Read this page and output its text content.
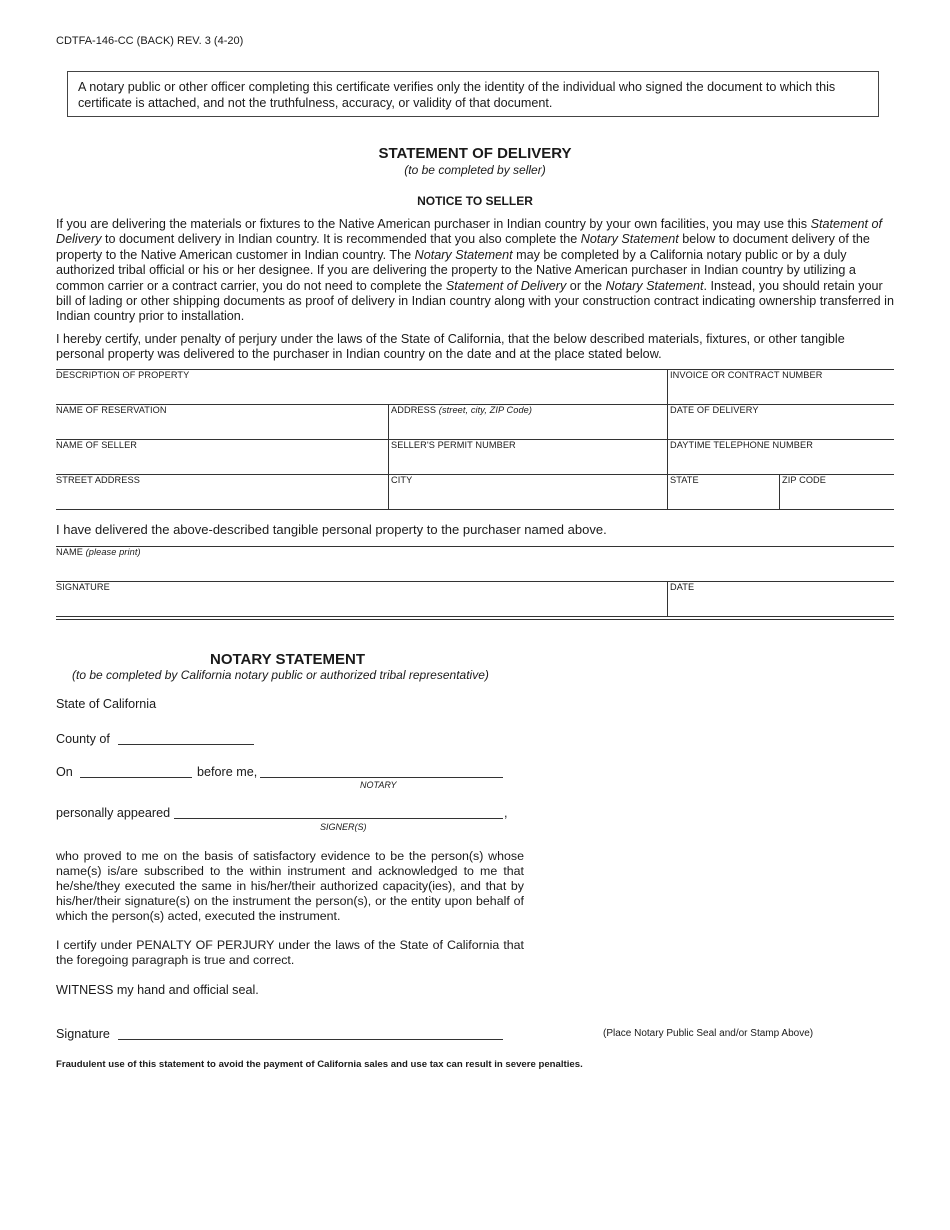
CDTFA-146-CC (BACK) REV. 3 (4-20)
A notary public or other officer completing this certificate verifies only the identity of the individual who signed the document to which this certificate is attached, and not the truthfulness, accuracy, or validity of that document.
STATEMENT OF DELIVERY
(to be completed by seller)
NOTICE TO SELLER
If you are delivering the materials or fixtures to the Native American purchaser in Indian country by your own facilities, you may use this Statement of Delivery to document delivery in Indian country. It is recommended that you also complete the Notary Statement below to document delivery of the property to the Native American customer in Indian country. The Notary Statement may be completed by a California notary public or by a duly authorized tribal official or his or her designee. If you are delivering the property to the Native American purchaser in Indian country by utilizing a common carrier or a contract carrier, you do not need to complete the Statement of Delivery or the Notary Statement. Instead, you should retain your bill of lading or other shipping documents as proof of delivery in Indian country along with your construction contract indicating ownership transferred in Indian country prior to installation.
I hereby certify, under penalty of perjury under the laws of the State of California, that the below described materials, fixtures, or other tangible personal property was delivered to the purchaser in Indian country on the date and at the place stated below.
DESCRIPTION OF PROPERTY	INVOICE OR CONTRACT NUMBER
NAME OF RESERVATION	ADDRESS (street, city, ZIP Code)	DATE OF DELIVERY
NAME OF SELLER	SELLER'S PERMIT NUMBER	DAYTIME TELEPHONE NUMBER
STREET ADDRESS	CITY	STATE	ZIP CODE
I have delivered the above-described tangible personal property to the purchaser named above.
NAME (please print)
SIGNATURE	DATE
NOTARY STATEMENT
(to be completed by California notary public or authorized tribal representative)
State of California
County of
On	before me,
NOTARY
personally appeared	,
SIGNER(S)
who proved to me on the basis of satisfactory evidence to be the person(s) whose name(s) is/are subscribed to the within instrument and acknowledged to me that he/she/they executed the same in his/her/their authorized capacity(ies), and that by his/her/their signature(s) on the instrument the person(s), or the entity upon behalf of which the person(s) acted, executed the instrument.
I certify under PENALTY OF PERJURY under the laws of the State of California that the foregoing paragraph is true and correct.
WITNESS my hand and official seal.
Signature	(Place Notary Public Seal and/or Stamp Above)
Fraudulent use of this statement to avoid the payment of California sales and use tax can result in severe penalties.
